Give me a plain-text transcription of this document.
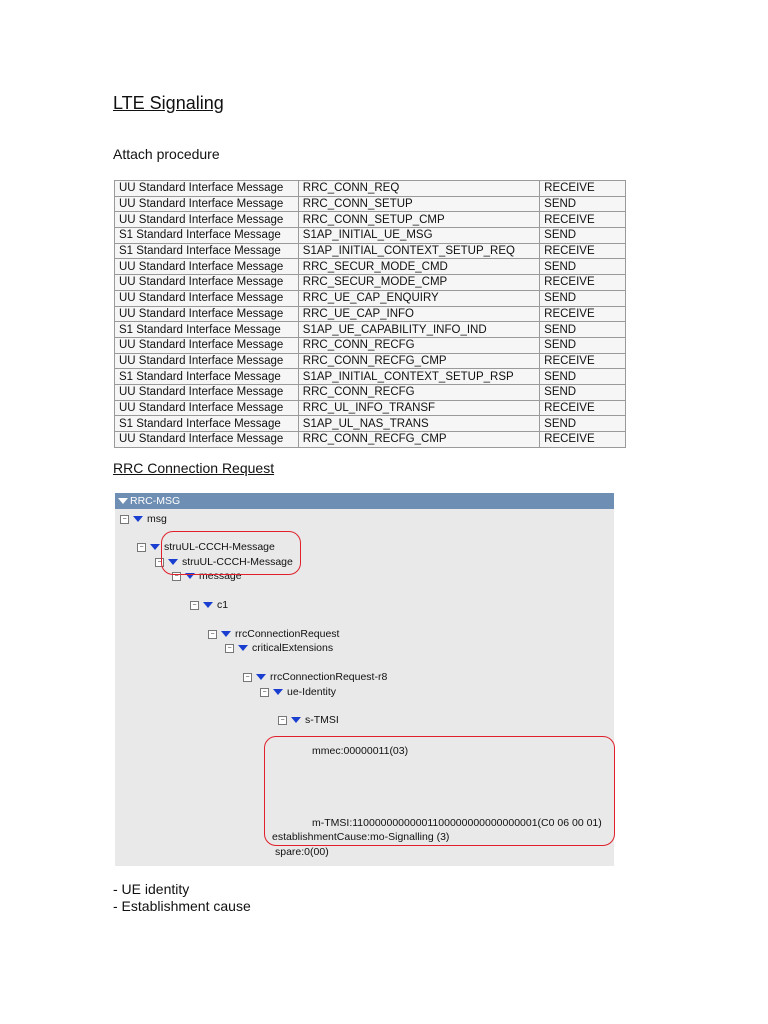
LTE Signaling
Attach procedure
UU Standard Interface Message	RRC_CONN_REQ	RECEIVE
UU Standard Interface Message	RRC_CONN_SETUP	SEND
UU Standard Interface Message	RRC_CONN_SETUP_CMP	RECEIVE
S1 Standard Interface Message	S1AP_INITIAL_UE_MSG	SEND
S1 Standard Interface Message	S1AP_INITIAL_CONTEXT_SETUP_REQ	RECEIVE
UU Standard Interface Message	RRC_SECUR_MODE_CMD	SEND
UU Standard Interface Message	RRC_SECUR_MODE_CMP	RECEIVE
UU Standard Interface Message	RRC_UE_CAP_ENQUIRY	SEND
UU Standard Interface Message	RRC_UE_CAP_INFO	RECEIVE
S1 Standard Interface Message	S1AP_UE_CAPABILITY_INFO_IND	SEND
UU Standard Interface Message	RRC_CONN_RECFG	SEND
UU Standard Interface Message	RRC_CONN_RECFG_CMP	RECEIVE
S1 Standard Interface Message	S1AP_INITIAL_CONTEXT_SETUP_RSP	SEND
UU Standard Interface Message	RRC_CONN_RECFG	SEND
UU Standard Interface Message	RRC_UL_INFO_TRANSF	RECEIVE
S1 Standard Interface Message	S1AP_UL_NAS_TRANS	SEND
UU Standard Interface Message	RRC_CONN_RECFG_CMP	RECEIVE
RRC Connection Request
RRC-MSG
− msg
− struUL-CCCH-Message
− struUL-CCCH-Message
− message
− c1
− rrcConnectionRequest
− criticalExtensions
− rrcConnectionRequest-r8
− ue-Identity
− s-TMSI
mmec:00000011(03)
m-TMSI:11000000000001100000000000000001(C0 06 00 01)
establishmentCause:mo-Signalling (3)
spare:0(00)
- UE identity
- Establishment cause
